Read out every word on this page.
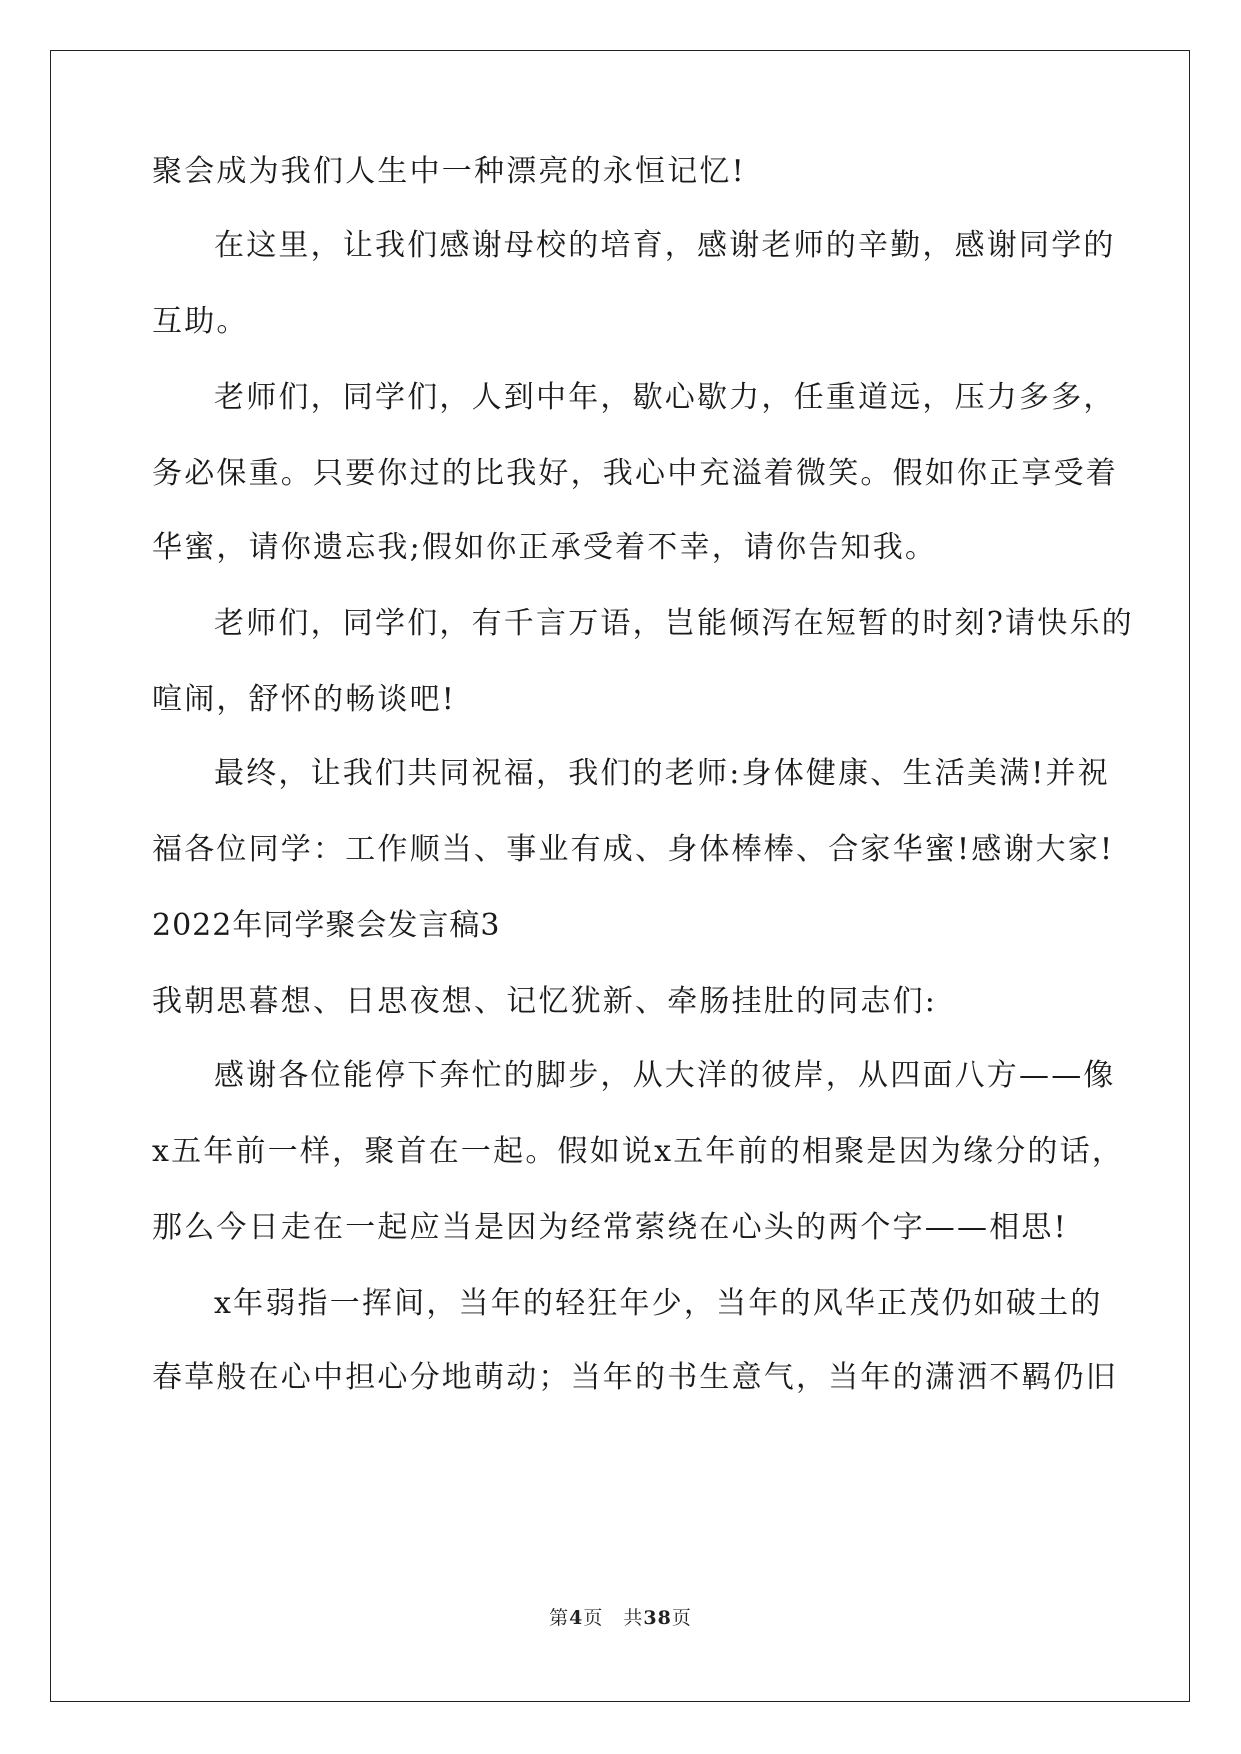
聚会成为我们人生中一种漂亮的永恒记忆!
在这里，让我们感谢母校的培育，感谢老师的辛勤，感谢同学的
互助。
老师们，同学们，人到中年，歇心歇力，任重道远，压力多多，
务必保重。只要你过的比我好，我心中充溢着微笑。假如你正享受着
华蜜，请你遗忘我;假如你正承受着不幸，请你告知我。
老师们，同学们，有千言万语，岂能倾泻在短暂的时刻?请快乐的
喧闹，舒怀的畅谈吧!
最终，让我们共同祝福，我们的老师:身体健康、生活美满!并祝
福各位同学：工作顺当、事业有成、身体棒棒、合家华蜜!感谢大家!
2022年同学聚会发言稿3
我朝思暮想、日思夜想、记忆犹新、牵肠挂肚的同志们:
感谢各位能停下奔忙的脚步，从大洋的彼岸，从四面八方——像
x五年前一样，聚首在一起。假如说x五年前的相聚是因为缘分的话，
那么今日走在一起应当是因为经常萦绕在心头的两个字——相思!
x年弱指一挥间，当年的轻狂年少，当年的风华正茂仍如破土的
春草般在心中担心分地萌动；当年的书生意气，当年的潇洒不羁仍旧
第4页 共38页
